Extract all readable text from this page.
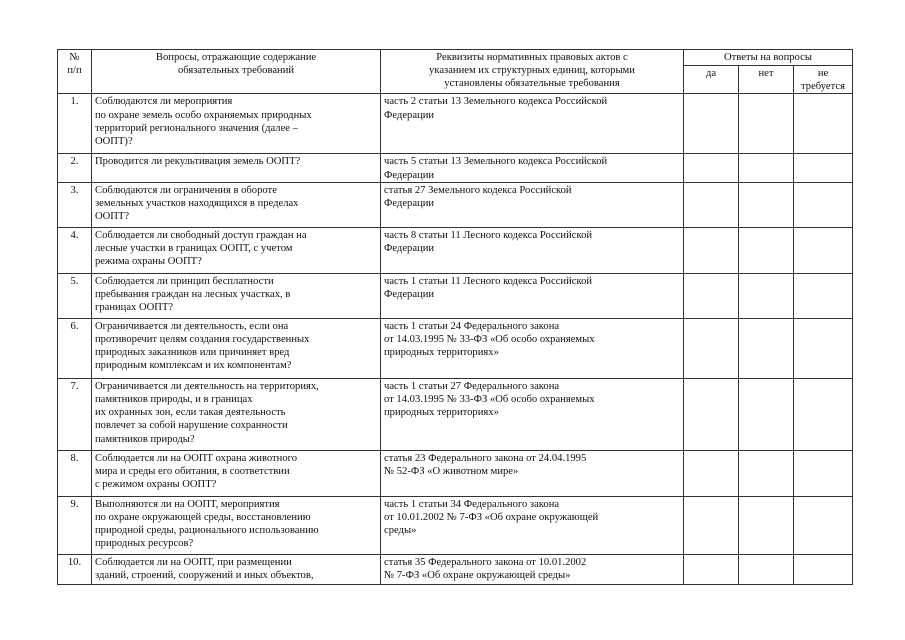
№
п/п	Вопросы, отражающие содержание
обязательных требований	Реквизиты нормативных правовых актов с
указанием их структурных единиц, которыми
установлены обязательные требования	Ответы на вопросы		
			да	нет	не
требуется
1.	Соблюдаются ли мероприятия
по охране земель особо охраняемых природных
территорий регионального значения (далее –
ООПТ)?	часть 2 статьи 13 Земельного кодекса Российской
Федерации			
2.	Проводится ли рекультивация земель ООПТ?	часть 5 статьи 13 Земельного кодекса Российской
Федерации			
3.	Соблюдаются ли ограничения в обороте
земельных участков находящихся в пределах
ООПТ?	статья 27 Земельного кодекса Российской
Федерации			
4.	Соблюдается ли свободный доступ граждан на
лесные участки в границах ООПТ, с учетом
режима охраны ООПТ?	часть 8 статьи 11 Лесного кодекса Российской
Федерации			
5.	Соблюдается ли принцип бесплатности
пребывания граждан на лесных участках, в
границах ООПТ?	часть 1 статьи 11 Лесного кодекса Российской
Федерации			
6.	Ограничивается ли деятельность, если она
противоречит целям создания государственных
природных заказников или причиняет вред
природным комплексам и их компонентам?	часть 1 статьи 24 Федерального закона
от 14.03.1995 № 33-ФЗ «Об особо охраняемых
природных территориях»			
7.	Ограничивается ли деятельность на территориях,
памятников природы, и в границах
их охранных зон, если такая деятельность
повлечет за собой нарушение сохранности
памятников природы?	часть 1 статьи 27 Федерального закона
от 14.03.1995 № 33-ФЗ «Об особо охраняемых
природных территориях»			
8.	Соблюдается ли на ООПТ охрана животного
мира и среды его обитания, в соответствии
с режимом охраны ООПТ?	статья 23 Федерального закона от 24.04.1995
№ 52-ФЗ «О животном мире»			
9.	Выполняются ли на ООПТ, мероприятия
по охране окружающей среды, восстановлению
природной среды, рационального использованию
природных ресурсов?	часть 1 статьи 34 Федерального закона
от 10.01.2002 № 7-ФЗ «Об охране окружающей
среды»			
10.	Соблюдается ли на ООПТ, при размещении
зданий, строений, сооружений и иных объектов,	статья 35 Федерального закона от 10.01.2002
№ 7-ФЗ «Об охране окружающей среды»			
